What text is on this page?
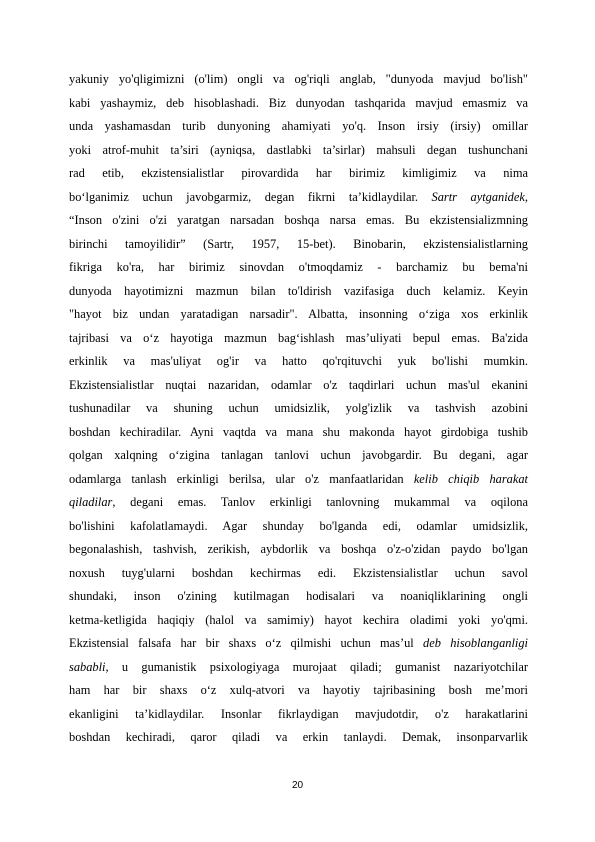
yakuniy yo'qligimizni (o'lim) ongli va og'riqli anglab, "dunyoda mavjud bo'lish"
kabi yashaymiz, deb hisoblashadi. Biz dunyodan tashqarida mavjud emasmiz va
unda yashamasdan turib dunyoning ahamiyati yo'q. Inson irsiy (irsiy) omillar
yoki atrof-muhit ta’siri (ayniqsa, dastlabki ta’sirlar) mahsuli degan tushunchani
rad etib, ekzistensialistlar pirovardida har birimiz kimligimiz va nima
bo‘lganimiz uchun javobgarmiz, degan fikrni ta’kidlaydilar. Sartr aytganidek,
“Inson o'zini o'zi yaratgan narsadan boshqa narsa emas. Bu ekzistensializmning
birinchi tamoyilidir” (Sartr, 1957, 15-bet). Binobarin, ekzistensialistlarning
fikriga ko'ra, har birimiz sinovdan o'tmoqdamiz - barchamiz bu bema'ni
dunyoda hayotimizni mazmun bilan to'ldirish vazifasiga duch kelamiz. Keyin
"hayot biz undan yaratadigan narsadir". Albatta, insonning o‘ziga xos erkinlik
tajribasi va o‘z hayotiga mazmun bag‘ishlash mas’uliyati bepul emas. Ba'zida
erkinlik va mas'uliyat og'ir va hatto qo'rqituvchi yuk bo'lishi mumkin.
Ekzistensialistlar nuqtai nazaridan, odamlar o'z taqdirlari uchun mas'ul ekanini
tushunadilar va shuning uchun umidsizlik, yolg'izlik va tashvish azobini
boshdan kechiradilar. Ayni vaqtda va mana shu makonda hayot girdobiga tushib
qolgan xalqning o‘zigina tanlagan tanlovi uchun javobgardir. Bu degani, agar
odamlarga tanlash erkinligi berilsa, ular o'z manfaatlaridan kelib chiqib harakat
qiladilar, degani emas. Tanlov erkinligi tanlovning mukammal va oqilona
bo'lishini kafolatlamaydi. Agar shunday bo'lganda edi, odamlar umidsizlik,
begonalashish, tashvish, zerikish, aybdorlik va boshqa o'z-o'zidan paydo bo'lgan
noxush tuyg'ularni boshdan kechirmas edi. Ekzistensialistlar uchun savol
shundaki, inson o'zining kutilmagan hodisalari va noaniqliklarining ongli
ketma-ketligida haqiqiy (halol va samimiy) hayot kechira oladimi yoki yo'qmi.
Ekzistensial falsafa har bir shaxs o‘z qilmishi uchun mas’ul deb hisoblanganligi
sababli, u gumanistik psixologiyaga murojaat qiladi; gumanist nazariyotchilar
ham har bir shaxs o‘z xulq-atvori va hayotiy tajribasining bosh me’mori
ekanligini ta’kidlaydilar. Insonlar fikrlaydigan mavjudotdir, o'z harakatlarini
boshdan kechiradi, qaror qiladi va erkin tanlaydi. Demak, insonparvarlik
20
